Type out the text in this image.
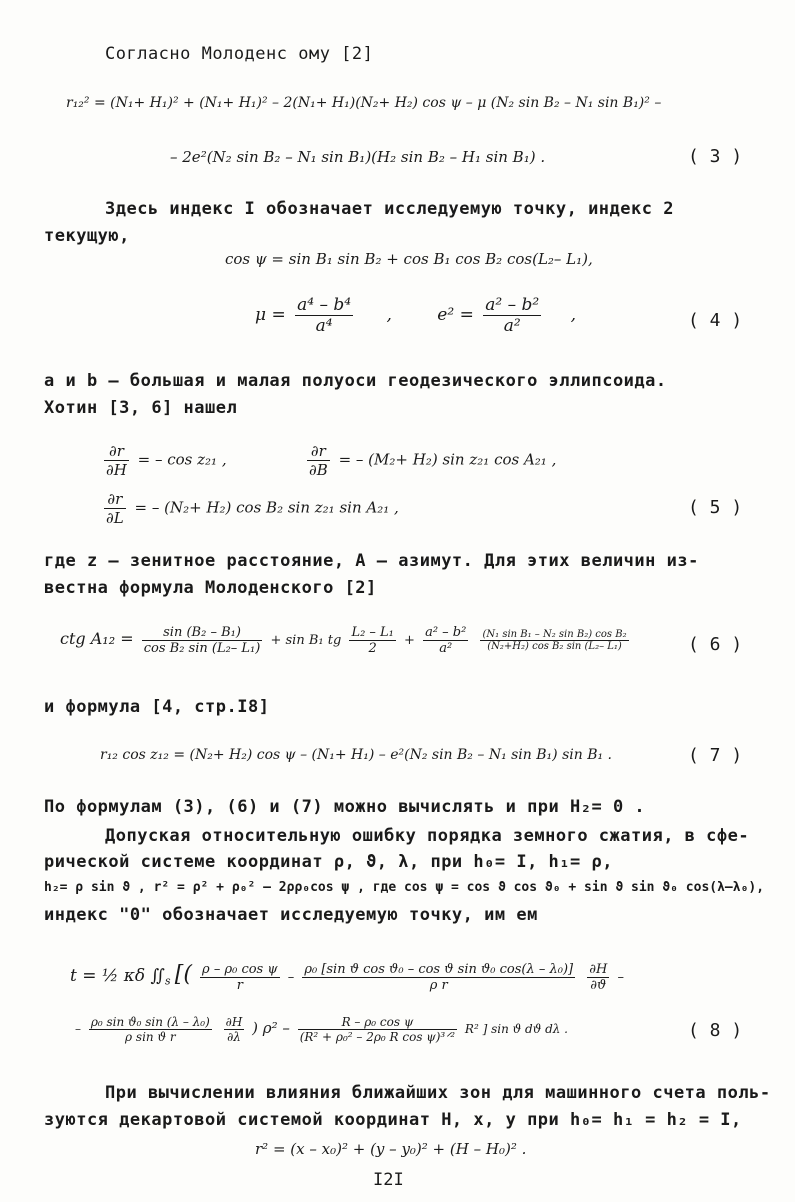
Согласно Молоденс ому [2]
r₁₂² = (N₁+ H₁)² + (N₁+ H₁)² – 2(N₁+ H₁)(N₂+ H₂) cos ψ – μ (N₂ sin B₂ – N₁ sin B₁)² –
– 2e²(N₂ sin B₂ – N₁ sin B₁)(H₂ sin B₂ – H₁ sin B₁) .	( 3 )
Здесь индекс I обозначает исследуемую точку, индекс 2
текущую,
cos ψ = sin B₁ sin B₂ + cos B₁ cos B₂ cos(L₂– L₁),
$\mu = \frac{\text{a⁴ – b⁴}}{\text{a⁴}}$ ,	$e^2 = \frac{\text{a² – b²}}{\text{a²}}$ ,	( 4 )
a и b – большая и малая полуоси геодезического эллипсоида.
Хотин [3, 6] нашел
$\frac{\partial r}{\partial H}$ = – cos z₂₁ ,	$\frac{\partial r}{\partial B}$ = – (M₂+ H₂) sin z₂₁ cos A₂₁ ,
$\frac{\partial r}{\partial L}$ = – (N₂+ H₂) cos B₂ sin z₂₁ sin A₂₁ ,	( 5 )
где z – зенитное расстояние, A – азимут. Для этих величин из-
вестна формула Молоденского [2]
ctg $A_{12} = \frac{\text{sin (B₂ – B₁)}}{\text{cos B₂ sin (L₂– L₁)}} + \sin B_1$ tg $\frac{\text{L₂ – L₁}}{2} + \frac{\text{a² – b²}}{\text{a²}}$
$\frac{\text{(N₁ sin B₁ – N₂ sin B₂) cos B₂}}{\text{(N₂+H₂) cos B₂ sin (L₂– L₁)}}$	( 6 )
и формула [4, стр.I8]
r₁₂ cos z₁₂ = (N₂+ H₂) cos ψ – (N₁+ H₁) – e²(N₂ sin B₂ – N₁ sin B₁) sin B₁ .	( 7 )
По формулам (3), (6) и (7) можно вычислять и при H₂= 0 .
Допуская относительную ошибку порядка земного сжатия, в сфе-
рической системе координат ρ, ϑ, λ, при h₀= I, h₁= ρ,
h₂= ρ sin ϑ , r² = ρ² + ρ₀² – 2ρρ₀cos ψ , где cos ψ = cos ϑ cos ϑ₀ + sin ϑ sin ϑ₀ cos(λ–λ₀),
индекс "0" обозначает исследуемую точку, им ем
t = ½ κδ $∬_s$ [( $\frac{\text{ρ – ρ₀ cos ψ}}{r} - \frac{\text{ρ₀ [sin ϑ cos ϑ₀ – cos ϑ sin ϑ₀ cos(λ – λ₀)]}}{\text{ρ r}}$
$\frac{\partial H}{\partial ϑ}$ –
– $\frac{\text{ρ₀ sin ϑ₀ sin (λ – λ₀)}}{\text{ρ sin ϑ r}}$
$\frac{\partial H}{\partial\lambda}$ ) $\rho^2 - \frac{\text{R – ρ₀ cos ψ}}{\text{(R² + ρ₀² – 2ρ₀ R cos ψ)³ᐟ²}} R^2$ ] sin ϑ dϑ dλ .	( 8 )
При вычислении влияния ближайших зон для машинного счета поль-
зуются декартовой системой координат H, x, y при h₀= h₁ = h₂ = I,
r² = (x – x₀)² + (y – y₀)² + (H – H₀)² .
I2I
